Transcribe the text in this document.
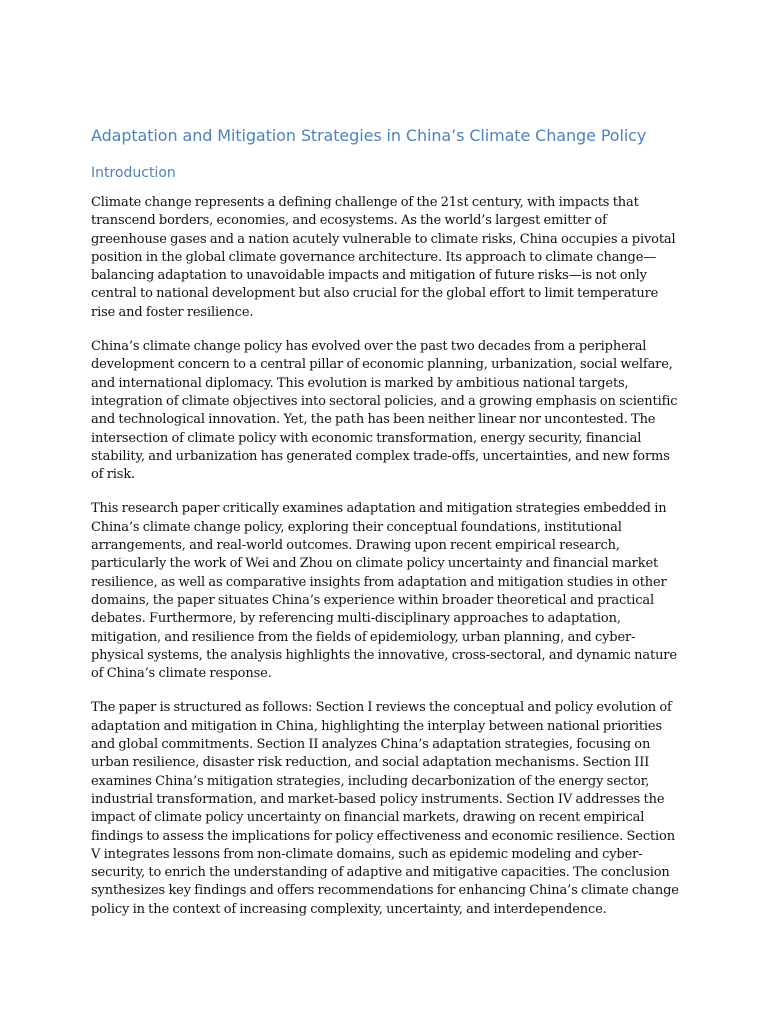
Adaptation and Mitigation Strategies in China’s Climate Change Policy
Introduction

Climate change represents a defining challenge of the 21st century, with impacts that transcend borders, economies, and ecosystems. As the world’s largest emitter of greenhouse gases and a nation acutely vulnerable to climate risks, China occupies a pivotal position in the global climate governance architecture. Its approach to climate change—balancing adaptation to unavoidable impacts and mitigation of future risks—is not only central to national development but also crucial for the global effort to limit temperature rise and foster resilience.

China’s climate change policy has evolved over the past two decades from a peripheral development concern to a central pillar of economic planning, urbanization, social welfare, and international diplomacy. This evolution is marked by ambitious national targets, integration of climate objectives into sectoral policies, and a growing emphasis on scientific and technological innovation. Yet, the path has been neither linear nor uncontested. The intersection of climate policy with economic transformation, energy security, financial stability, and urbanization has generated complex trade-offs, uncertainties, and new forms of risk.

This research paper critically examines adaptation and mitigation strategies embedded in China’s climate change policy, exploring their conceptual foundations, institutional arrangements, and real-world outcomes. Drawing upon recent empirical research, particularly the work of Wei and Zhou on climate policy uncertainty and financial market resilience, as well as comparative insights from adaptation and mitigation studies in other domains, the paper situates China’s experience within broader theoretical and practical debates. Furthermore, by referencing multi-disciplinary approaches to adaptation, mitigation, and resilience from the fields of epidemiology, urban planning, and cyber-physical systems, the analysis highlights the innovative, cross-sectoral, and dynamic nature of China’s climate response.

The paper is structured as follows: Section I reviews the conceptual and policy evolution of adaptation and mitigation in China, highlighting the interplay between national priorities and global commitments. Section II analyzes China’s adaptation strategies, focusing on urban resilience, disaster risk reduction, and social adaptation mechanisms. Section III examines China’s mitigation strategies, including decarbonization of the energy sector, industrial transformation, and market-based policy instruments. Section IV addresses the impact of climate policy uncertainty on financial markets, drawing on recent empirical findings to assess the implications for policy effectiveness and economic resilience. Section V integrates lessons from non-climate domains, such as epidemic modeling and cyber-security, to enrich the understanding of adaptive and mitigative capacities. The conclusion synthesizes key findings and offers recommendations for enhancing China’s climate change policy in the context of increasing complexity, uncertainty, and interdependence.
